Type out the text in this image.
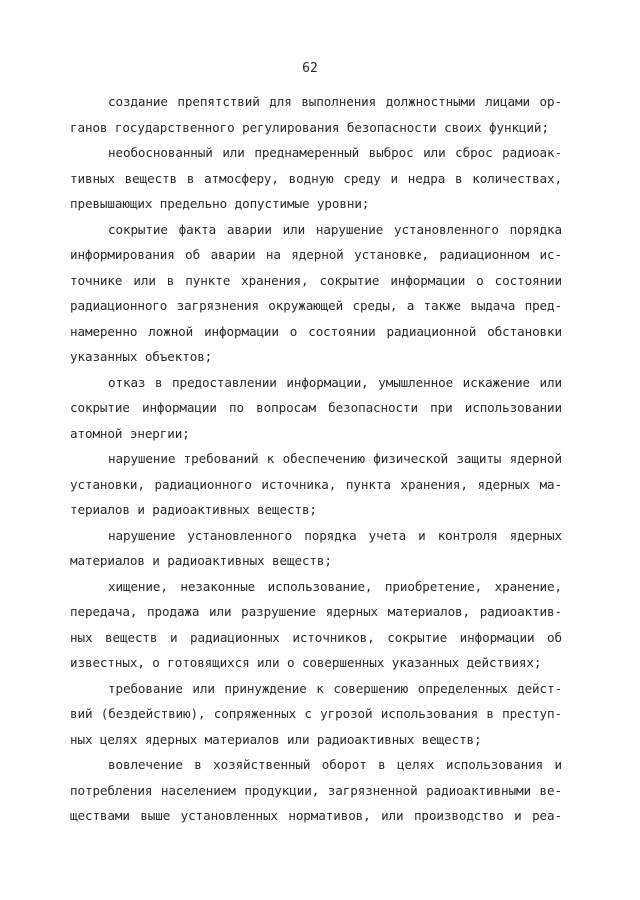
62
создание препятствий для выполнения должностными лицами ор-
ганов государственного регулирования безопасности своих функций;
необоснованный или преднамеренный выброс или сброс радиоак-
тивных веществ в атмосферу, водную среду и недра в количествах,
превышающих предельно допустимые уровни;
сокрытие факта аварии или нарушение установленного порядка
информирования об аварии на ядерной установке, радиационном ис-
точнике или в пункте хранения, сокрытие информации о состоянии
радиационного загрязнения окружающей среды, а также выдача пред-
намеренно ложной информации о состоянии радиационной обстановки
указанных объектов;
отказ в предоставлении информации, умышленное искажение или
сокрытие информации по вопросам безопасности при использовании
атомной энергии;
нарушение требований к обеспечению физической защиты ядерной
установки, радиационного источника, пункта хранения, ядерных ма-
териалов и радиоактивных веществ;
нарушение установленного порядка учета и контроля ядерных
материалов и радиоактивных веществ;
хищение, незаконные использование, приобретение, хранение,
передача, продажа или разрушение ядерных материалов, радиоактив-
ных веществ и радиационных источников, сокрытие информации об
известных, о готовящихся или о совершенных указанных действиях;
требование или принуждение к совершению определенных дейст-
вий (бездействию), сопряженных с угрозой использования в преступ-
ных целях ядерных материалов или радиоактивных веществ;
вовлечение в хозяйственный оборот в целях использования и
потребления населением продукции, загрязненной радиоактивными ве-
ществами выше установленных нормативов, или производство и реа-
